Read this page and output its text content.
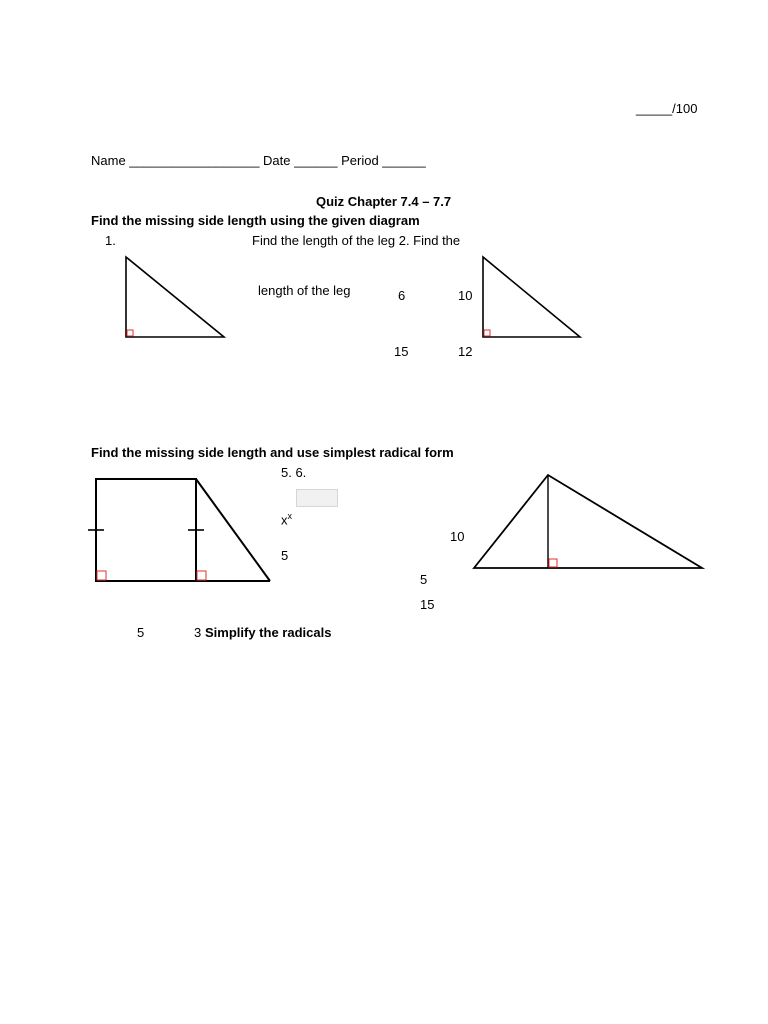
_____/100
Name __________________ Date ______ Period ______
Quiz Chapter 7.4 – 7.7
Find the missing side length using the given diagram
1.	Find the length of the leg 2. Find the
length of the leg	6	10
15	12
Find the missing side length and use simplest radical form
5. 6.
$x^x$
5
10
5
15
5	3 Simplify the radicals
